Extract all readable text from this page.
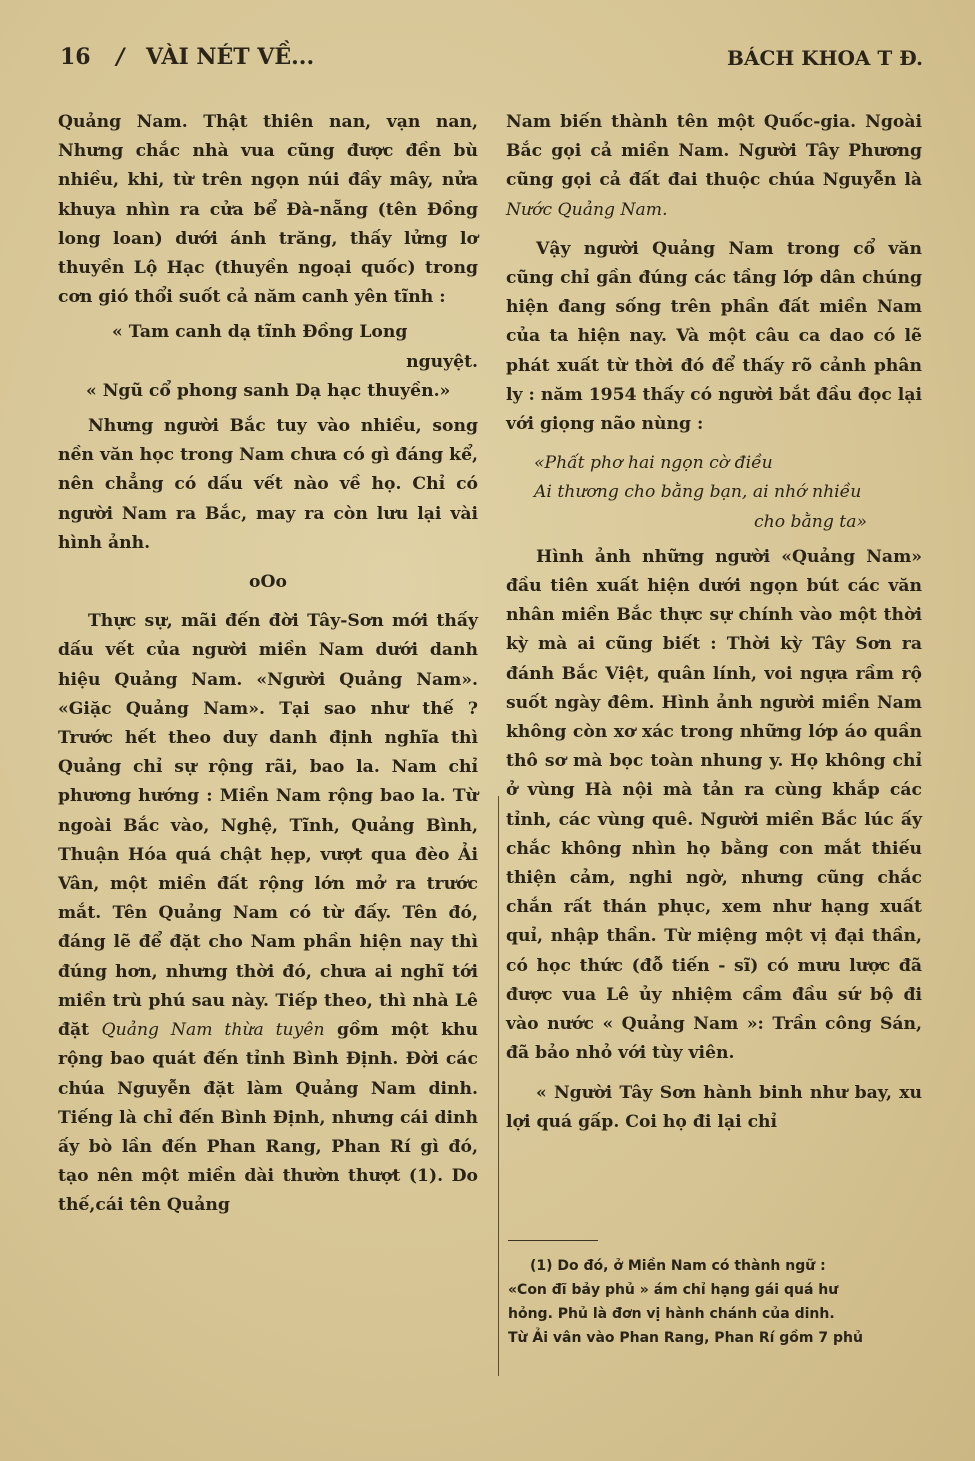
16 / VÀI NÉT VỀ...	BÁCH KHOA T Đ.

Quảng Nam. Thật thiên nan, vạn nan, Nhưng chắc nhà vua cũng được đền bù nhiều, khi, từ trên ngọn núi đầy mây, nửa khuya nhìn ra cửa bể Đà-nẵng (tên Đồng long loan) dưới ánh trăng, thấy lửng lơ thuyền Lộ Hạc (thuyền ngoại quốc) trong cơn gió thổi suốt cả năm canh yên tĩnh :

« Tam canh dạ tĩnh Đồng Long

nguyệt.

« Ngũ cổ phong sanh Dạ hạc thuyền.»

Nhưng người Bắc tuy vào nhiều, song nền văn học trong Nam chưa có gì đáng kể, nên chẳng có dấu vết nào về họ. Chỉ có người Nam ra Bắc, may ra còn lưu lại vài hình ảnh.

oOo

Thực sự, mãi đến đời Tây-Sơn mới thấy dấu vết của người miền Nam dưới danh hiệu Quảng Nam. «Người Quảng Nam». «Giặc Quảng Nam». Tại sao như thế ? Trước hết theo duy danh định nghĩa thì Quảng chỉ sự rộng rãi, bao la. Nam chỉ phương hướng : Miền Nam rộng bao la. Từ ngoài Bắc vào, Nghệ, Tĩnh, Quảng Bình, Thuận Hóa quá chật hẹp, vượt qua đèo Ải Vân, một miền đất rộng lớn mở ra trước mắt. Tên Quảng Nam có từ đấy. Tên đó, đáng lẽ để đặt cho Nam phần hiện nay thì đúng hơn, nhưng thời đó, chưa ai nghĩ tới miền trù phú sau này. Tiếp theo, thì nhà Lê đặt Quảng Nam thừa tuyên gồm một khu rộng bao quát đến tỉnh Bình Định. Đời các chúa Nguyễn đặt làm Quảng Nam dinh. Tiếng là chỉ đến Bình Định, nhưng cái dinh ấy bò lần đến Phan Rang, Phan Rí gì đó, tạo nên một miền dài thườn thượt (1). Do thế,cái tên Quảng

Nam biến thành tên một Quốc-gia. Ngoài Bắc gọi cả miền Nam. Người Tây Phương cũng gọi cả đất đai thuộc chúa Nguyễn là Nước Quảng Nam.

Vậy người Quảng Nam trong cổ văn cũng chỉ gần đúng các tầng lớp dân chúng hiện đang sống trên phần đất miền Nam của ta hiện nay. Và một câu ca dao có lẽ phát xuất từ thời đó để thấy rõ cảnh phân ly : năm 1954 thấy có người bắt đầu đọc lại với giọng não nùng :

«Phất phơ hai ngọn cờ điều

Ai thương cho bằng bạn, ai nhớ nhiều

cho bằng ta»

Hình ảnh những người «Quảng Nam» đầu tiên xuất hiện dưới ngọn bút các văn nhân miền Bắc thực sự chính vào một thời kỳ mà ai cũng biết : Thời kỳ Tây Sơn ra đánh Bắc Việt, quân lính, voi ngựa rầm rộ suốt ngày đêm. Hình ảnh người miền Nam không còn xơ xác trong những lớp áo quần thô sơ mà bọc toàn nhung y. Họ không chỉ ở vùng Hà nội mà tản ra cùng khắp các tỉnh, các vùng quê. Người miền Bắc lúc ấy chắc không nhìn họ bằng con mắt thiếu thiện cảm, nghi ngờ, nhưng cũng chắc chắn rất thán phục, xem như hạng xuất quỉ, nhập thần. Từ miệng một vị đại thần, có học thức (đỗ tiến - sĩ) có mưu lược đã được vua Lê ủy nhiệm cầm đầu sứ bộ đi vào nước « Quảng Nam »: Trần công Sán, đã bảo nhỏ với tùy viên.

« Người Tây Sơn hành binh như bay, xu lợi quá gấp. Coi họ đi lại chỉ

(1) Do đó, ở Miền Nam có thành ngữ :

«Con đĩ bảy phủ » ám chỉ hạng gái quá hư

hỏng. Phủ là đơn vị hành chánh của dinh.

Từ Ải vân vào Phan Rang, Phan Rí gồm 7 phủ
